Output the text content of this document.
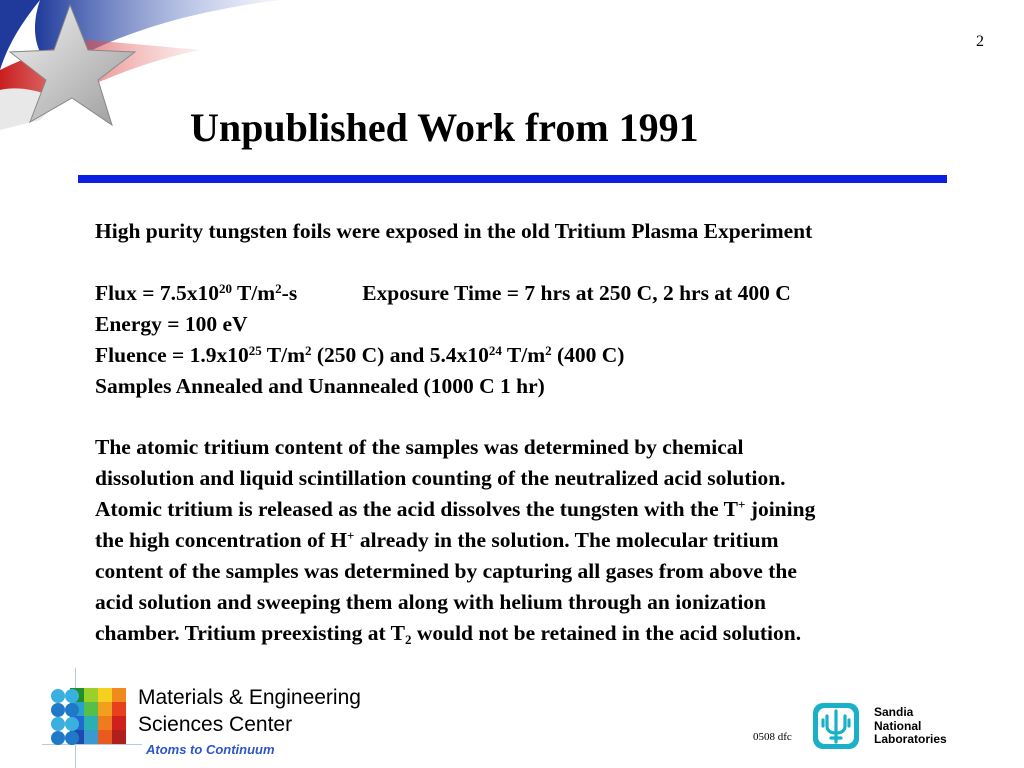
2
Unpublished Work from 1991
High purity tungsten foils were exposed in the old Tritium Plasma Experiment
Flux = $7.5x10^{20}$ $T/m^2-s$	Exposure Time = 7 hrs at 250 C, 2 hrs at 400 C
Energy = 100 eV
Fluence = $1.9x10^{25}$ $T/m^2$ (250 C) and $5.4x10^{24}$ $T/m^2$ (400 C)
Samples Annealed and Unannealed (1000 C 1 hr)
The atomic tritium content of the samples was determined by chemical
dissolution and liquid scintillation counting of the neutralized acid solution.
Atomic tritium is released as the acid dissolves the tungsten with the T+ joining
the high concentration of H+ already in the solution. The molecular tritium
content of the samples was determined by capturing all gases from above the
acid solution and sweeping them along with helium through an ionization
chamber. Tritium preexisting at $T_2$ would not be retained in the acid solution.
Materials & Engineering
Sciences Center
Atoms to Continuum
0508 dfc
Sandia
National
Laboratories
